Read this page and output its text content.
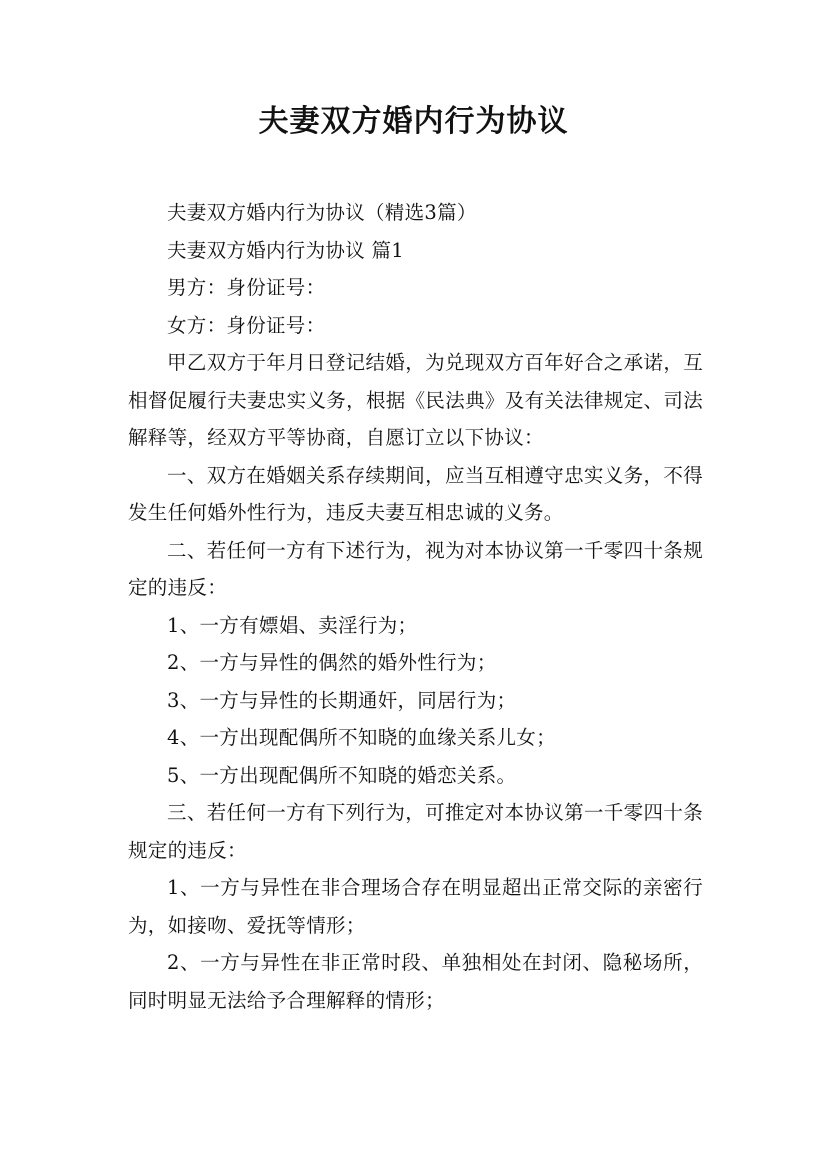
夫妻双方婚内行为协议

夫妻双方婚内行为协议（精选3篇）

夫妻双方婚内行为协议 篇1

男方：身份证号：

女方：身份证号：

甲乙双方于年月日登记结婚，为兑现双方百年好合之承诺，互相督促履行夫妻忠实义务，根据《民法典》及有关法律规定、司法解释等，经双方平等协商，自愿订立以下协议：

一、双方在婚姻关系存续期间，应当互相遵守忠实义务，不得发生任何婚外性行为，违反夫妻互相忠诚的义务。

二、若任何一方有下述行为，视为对本协议第一千零四十条规定的违反：

1、一方有嫖娼、卖淫行为；

2、一方与异性的偶然的婚外性行为；

3、一方与异性的长期通奸，同居行为；

4、一方出现配偶所不知晓的血缘关系儿女；

5、一方出现配偶所不知晓的婚恋关系。

三、若任何一方有下列行为，可推定对本协议第一千零四十条规定的违反：

1、一方与异性在非合理场合存在明显超出正常交际的亲密行为，如接吻、爱抚等情形；

2、一方与异性在非正常时段、单独相处在封闭、隐秘场所，同时明显无法给予合理解释的情形；
